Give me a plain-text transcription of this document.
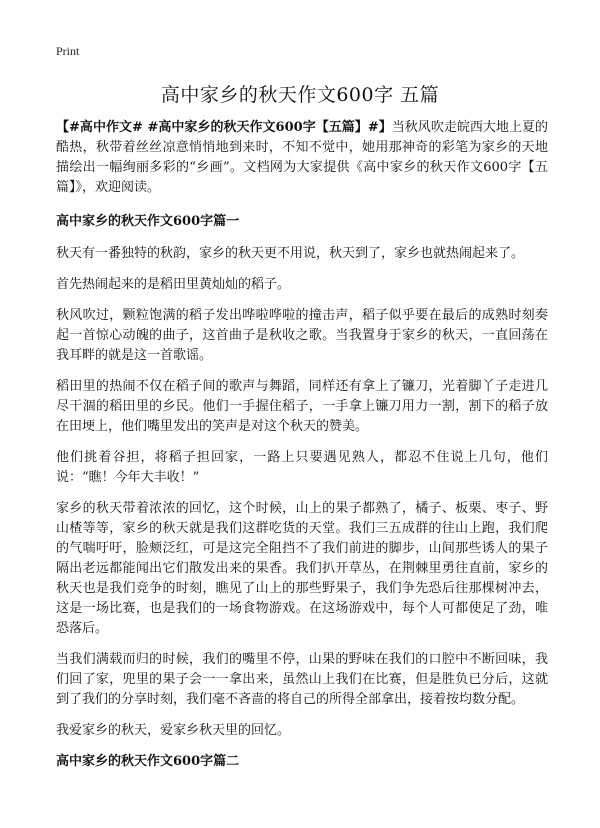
Print
高中家乡的秋天作文600字 五篇

【#高中作文# #高中家乡的秋天作文600字【五篇】#】当秋风吹走皖西大地上夏的酷热，秋带着丝丝凉意悄悄地到来时，不知不觉中，她用那神奇的彩笔为家乡的天地描绘出一幅绚丽多彩的“乡画”。文档网为大家提供《高中家乡的秋天作文600字【五篇】》，欢迎阅读。

高中家乡的秋天作文600字篇一

秋天有一番独特的秋韵，家乡的秋天更不用说，秋天到了，家乡也就热闹起来了。

首先热闹起来的是稻田里黄灿灿的稻子。

秋风吹过，颗粒饱满的稻子发出哗啦哗啦的撞击声，稻子似乎要在最后的成熟时刻奏起一首惊心动魄的曲子，这首曲子是秋收之歌。当我置身于家乡的秋天，一直回荡在我耳畔的就是这一首歌谣。

稻田里的热闹不仅在稻子间的歌声与舞蹈，同样还有拿上了镰刀，光着脚丫子走进几尽干涸的稻田里的乡民。他们一手握住稻子，一手拿上镰刀用力一割，割下的稻子放在田埂上，他们嘴里发出的笑声是对这个秋天的赞美。

他们挑着谷担，将稻子担回家，一路上只要遇见熟人，都忍不住说上几句，他们说：“瞧！今年大丰收！”

家乡的秋天带着浓浓的回忆，这个时候，山上的果子都熟了，橘子、板栗、枣子、野山楂等等，家乡的秋天就是我们这群吃货的天堂。我们三五成群的往山上跑，我们爬的气喘吁吁，脸颊泛红，可是这完全阻挡不了我们前进的脚步，山间那些诱人的果子隔出老远都能闻出它们散发出来的果香。我们扒开草丛，在荆棘里勇往直前，家乡的秋天也是我们竞争的时刻，瞧见了山上的那些野果子，我们争先恐后往那棵树冲去，这是一场比赛，也是我们的一场食物游戏。在这场游戏中，每个人可都使足了劲，唯恐落后。

当我们满载而归的时候，我们的嘴里不停，山果的野味在我们的口腔中不断回味，我们回了家，兜里的果子会一一拿出来，虽然山上我们在比赛，但是胜负已分后，这就到了我们的分享时刻，我们毫不吝啬的将自己的所得全部拿出，接着按均数分配。

我爱家乡的秋天，爱家乡秋天里的回忆。

高中家乡的秋天作文600字篇二
